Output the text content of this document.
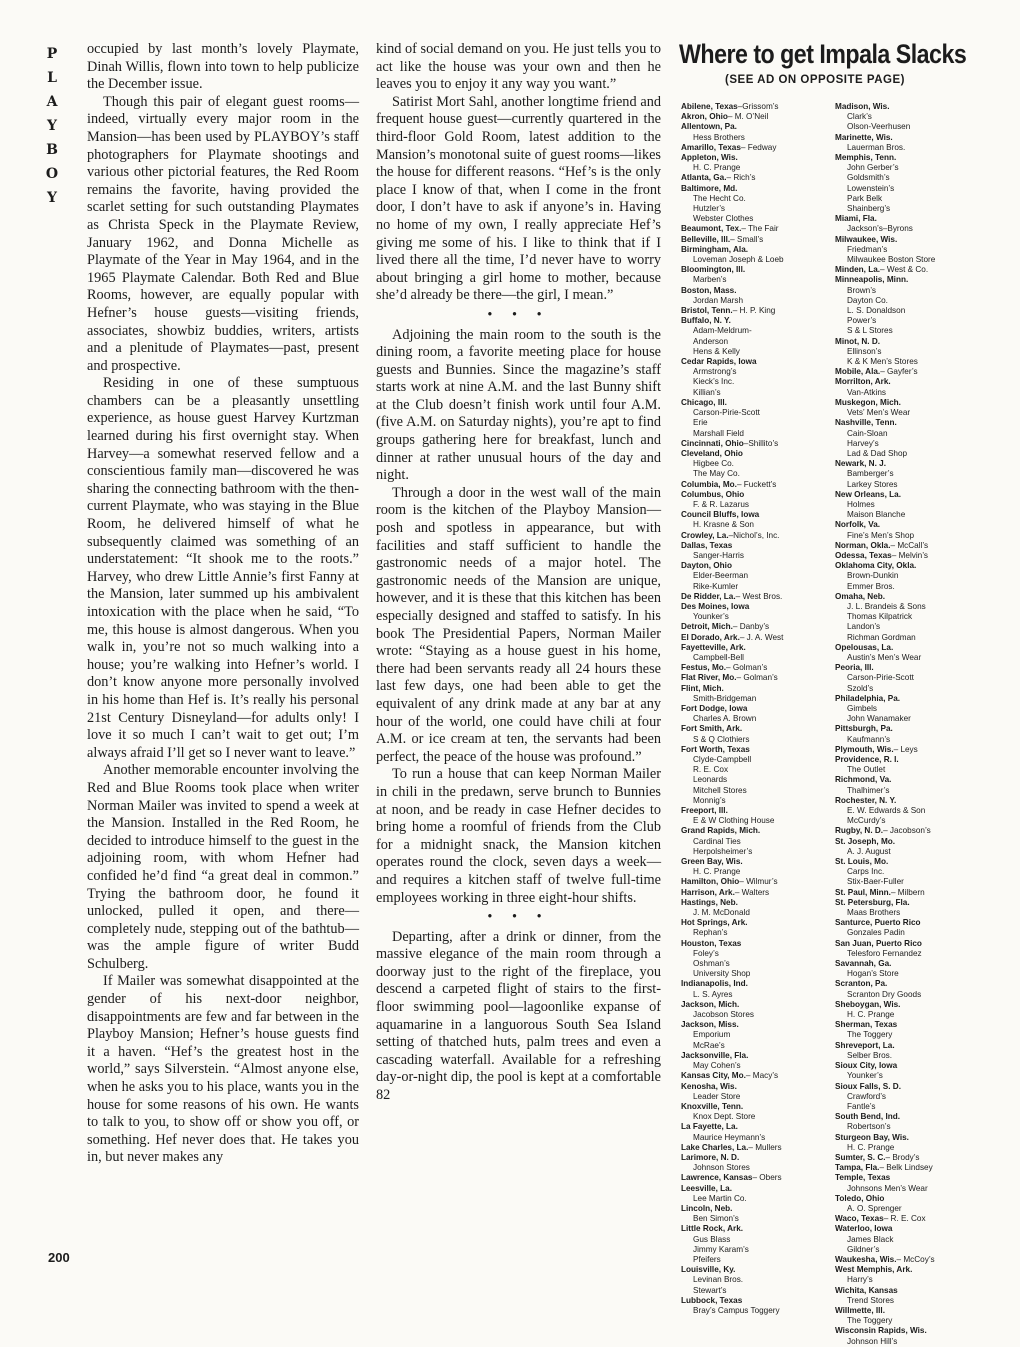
P
L
A
Y
B
O
Y

occupied by last month’s lovely Playmate, Dinah Willis, flown into town to help publicize the December issue.

Though this pair of elegant guest rooms—indeed, virtually every major room in the Mansion—has been used by PLAYBOY’s staff photographers for Playmate shootings and various other pictorial features, the Red Room remains the favorite, having provided the scarlet setting for such outstanding Playmates as Christa Speck in the Playmate Review, January 1962, and Donna Michelle as Playmate of the Year in May 1964, and in the 1965 Playmate Calendar. Both Red and Blue Rooms, however, are equally popular with Hefner’s house guests—visiting friends, associates, showbiz buddies, writers, artists and a plenitude of Playmates—past, present and prospective.

Residing in one of these sumptuous chambers can be a pleasantly unsettling experience, as house guest Harvey Kurtzman learned during his first overnight stay. When Harvey—a somewhat reserved fellow and a conscientious family man—discovered he was sharing the connecting bathroom with the then-current Playmate, who was staying in the Blue Room, he delivered himself of what he subsequently claimed was something of an understatement: “It shook me to the roots.” Harvey, who drew Little Annie’s first Fanny at the Mansion, later summed up his ambivalent intoxication with the place when he said, “To me, this house is almost dangerous. When you walk in, you’re not so much walking into a house; you’re walking into Hefner’s world. I don’t know anyone more personally involved in his home than Hef is. It’s really his personal 21st Century Disneyland—for adults only! I love it so much I can’t wait to get out; I’m always afraid I’ll get so I never want to leave.”

Another memorable encounter involving the Red and Blue Rooms took place when writer Norman Mailer was invited to spend a week at the Mansion. Installed in the Red Room, he decided to introduce himself to the guest in the adjoining room, with whom Hefner had confided he’d find “a great deal in common.” Trying the bathroom door, he found it unlocked, pulled it open, and there—completely nude, stepping out of the bathtub—was the ample figure of writer Budd Schulberg.

If Mailer was somewhat disappointed at the gender of his next-door neighbor, disappointments are few and far between in the Playboy Mansion; Hefner’s house guests find it a haven. “Hef’s the greatest host in the world,” says Silverstein. “Almost anyone else, when he asks you to his place, wants you in the house for some reasons of his own. He wants to talk to you, to show off or show you off, or something. Hef never does that. He takes you in, but never makes any

kind of social demand on you. He just tells you to act like the house was your own and then he leaves you to enjoy it any way you want.”

Satirist Mort Sahl, another longtime friend and frequent house guest—currently quartered in the third-floor Gold Room, latest addition to the Mansion’s monotonal suite of guest rooms—likes the house for different reasons. “Hef’s is the only place I know of that, when I come in the front door, I don’t have to ask if anyone’s in. Having no home of my own, I really appreciate Hef’s giving me some of his. I like to think that if I lived there all the time, I’d never have to worry about bringing a girl home to mother, because she’d already be there—the girl, I mean.”

• • •

Adjoining the main room to the south is the dining room, a favorite meeting place for house guests and Bunnies. Since the magazine’s staff starts work at nine A.M. and the last Bunny shift at the Club doesn’t finish work until four A.M. (five A.M. on Saturday nights), you’re apt to find groups gathering here for breakfast, lunch and dinner at rather unusual hours of the day and night.

Through a door in the west wall of the main room is the kitchen of the Playboy Mansion—posh and spotless in appearance, but with facilities and staff sufficient to handle the gastronomic needs of a major hotel. The gastronomic needs of the Mansion are unique, however, and it is these that this kitchen has been especially designed and staffed to satisfy. In his book The Presidential Papers, Norman Mailer wrote: “Staying as a house guest in his home, there had been servants ready all 24 hours these last few days, one had been able to get the equivalent of any drink made at any bar at any hour of the world, one could have chili at four A.M. or ice cream at ten, the servants had been perfect, the peace of the house was profound.”

To run a house that can keep Norman Mailer in chili in the predawn, serve brunch to Bunnies at noon, and be ready in case Hefner decides to bring home a roomful of friends from the Club for a midnight snack, the Mansion kitchen operates round the clock, seven days a week—and requires a kitchen staff of twelve full-time employees working in three eight-hour shifts.

• • •

Departing, after a drink or dinner, from the massive elegance of the main room through a doorway just to the right of the fireplace, you descend a carpeted flight of stairs to the first-floor swimming pool—lagoonlike expanse of aquamarine in a languorous South Sea Island setting of thatched huts, palm trees and even a cascading waterfall. Available for a refreshing day-or-night dip, the pool is kept at a comfortable 82

Where to get Impala Slacks
(SEE AD ON OPPOSITE PAGE)
Abilene, Texas–Grissom’s
Akron, Ohio– M. O’Neil
Allentown, Pa.
Hess Brothers
Amarillo, Texas– Fedway
Appleton, Wis.
H. C. Prange
Atlanta, Ga.– Rich’s
Baltimore, Md.
The Hecht Co.
Hutzler’s
Webster Clothes
Beaumont, Tex.– The Fair
Belleville, Ill.– Small’s
Birmingham, Ala.
Loveman Joseph & Loeb
Bloomington, Ill.
Marben’s
Boston, Mass.
Jordan Marsh
Bristol, Tenn.– H. P. King
Buffalo, N. Y.
Adam-Meldrum-
Anderson
Hens & Kelly
Cedar Rapids, Iowa
Armstrong’s
Kieck’s Inc.
Killian’s
Chicago, Ill.
Carson-Pirie-Scott
Erie
Marshall Field
Cincinnati, Ohio–Shillito’s
Cleveland, Ohio
Higbee Co.
The May Co.
Columbia, Mo.– Fuckett’s
Columbus, Ohio
F. & R. Lazarus
Council Bluffs, Iowa
H. Krasne & Son
Crowley, La.–Nichol’s, Inc.
Dallas, Texas
Sanger-Harris
Dayton, Ohio
Elder-Beerman
Rike-Kumler
De Ridder, La.– West Bros.
Des Moines, Iowa
Younker’s
Detroit, Mich.– Danby’s
El Dorado, Ark.– J. A. West
Fayetteville, Ark.
Campbell-Bell
Festus, Mo.– Golman’s
Flat River, Mo.– Golman’s
Flint, Mich.
Smith-Bridgeman
Fort Dodge, Iowa
Charles A. Brown
Fort Smith, Ark.
S & Q Clothiers
Fort Worth, Texas
Clyde-Campbell
R. E. Cox
Leonards
Mitchell Stores
Monnig’s
Freeport, Ill.
E & W Clothing House
Grand Rapids, Mich.
Cardinal Ties
Herpolsheimer’s
Green Bay, Wis.
H. C. Prange
Hamilton, Ohio– Wilmur’s
Harrison, Ark.– Walters
Hastings, Neb.
J. M. McDonald
Hot Springs, Ark.
Rephan’s
Houston, Texas
Foley’s
Oshman’s
University Shop
Indianapolis, Ind.
L. S. Ayres
Jackson, Mich.
Jacobson Stores
Jackson, Miss.
Emporium
McRae’s
Jacksonville, Fla.
May Cohen’s
Kansas City, Mo.– Macy’s
Kenosha, Wis.
Leader Store
Knoxville, Tenn.
Knox Dept. Store
La Fayette, La.
Maurice Heymann’s
Lake Charles, La.– Mullers
Larimore, N. D.
Johnson Stores
Lawrence, Kansas– Obers
Leesville, La.
Lee Martin Co.
Lincoln, Neb.
Ben Simon’s
Little Rock, Ark.
Gus Blass
Jimmy Karam’s
Pfeifers
Louisville, Ky.
Levinan Bros.
Stewart’s
Lubbock, Texas
Bray’s Campus Toggery
Madison, Wis.
Clark’s
Olson-Veerhusen
Marinette, Wis.
Lauerman Bros.
Memphis, Tenn.
John Gerber’s
Goldsmith’s
Lowenstein’s
Park Belk
Shainberg’s
Miami, Fla.
Jackson’s–Byrons
Milwaukee, Wis.
Friedman’s
Milwaukee Boston Store
Minden, La.– West & Co.
Minneapolis, Minn.
Brown’s
Dayton Co.
L. S. Donaldson
Power’s
S & L Stores
Minot, N. D.
Ellinson’s
K & K Men’s Stores
Mobile, Ala.– Gayfer’s
Morrilton, Ark.
Van-Atkins
Muskegon, Mich.
Vets’ Men’s Wear
Nashville, Tenn.
Cain-Sloan
Harvey’s
Lad & Dad Shop
Newark, N. J.
Bamberger’s
Larkey Stores
New Orleans, La.
Holmes
Maison Blanche
Norfolk, Va.
Fine’s Men’s Shop
Norman, Okla.– McCall’s
Odessa, Texas– Melvin’s
Oklahoma City, Okla.
Brown-Dunkin
Emmer Bros.
Omaha, Neb.
J. L. Brandeis & Sons
Thomas Kilpatrick
Landon’s
Richman Gordman
Opelousas, La.
Austin’s Men’s Wear
Peoria, Ill.
Carson-Pirie-Scott
Szold’s
Philadelphia, Pa.
Gimbels
John Wanamaker
Pittsburgh, Pa.
Kaufmann’s
Plymouth, Wis.– Leys
Providence, R. I.
The Outlet
Richmond, Va.
Thalhimer’s
Rochester, N. Y.
E. W. Edwards & Son
McCurdy’s
Rugby, N. D.– Jacobson’s
St. Joseph, Mo.
A. J. August
St. Louis, Mo.
Carps Inc.
Stix-Baer-Fuller
St. Paul, Minn.– Milbern
St. Petersburg, Fla.
Maas Brothers
Santurce, Puerto Rico
Gonzales Padin
San Juan, Puerto Rico
Telesforo Fernandez
Savannah, Ga.
Hogan’s Store
Scranton, Pa.
Scranton Dry Goods
Sheboygan, Wis.
H. C. Prange
Sherman, Texas
The Toggery
Shreveport, La.
Selber Bros.
Sioux City, Iowa
Younker’s
Sioux Falls, S. D.
Crawford’s
Fantle’s
South Bend, Ind.
Robertson’s
Sturgeon Bay, Wis.
H. C. Prange
Sumter, S. C.– Brody’s
Tampa, Fla.– Belk Lindsey
Temple, Texas
Johnsons Men’s Wear
Toledo, Ohio
A. O. Sprenger
Waco, Texas– R. E. Cox
Waterloo, Iowa
James Black
Gildner’s
Waukesha, Wis.– McCoy’s
West Memphis, Ark.
Harry’s
Wichita, Kansas
Trend Stores
Willmette, Ill.
The Toggery
Wisconsin Rapids, Wis.
Johnson Hill’s
200
